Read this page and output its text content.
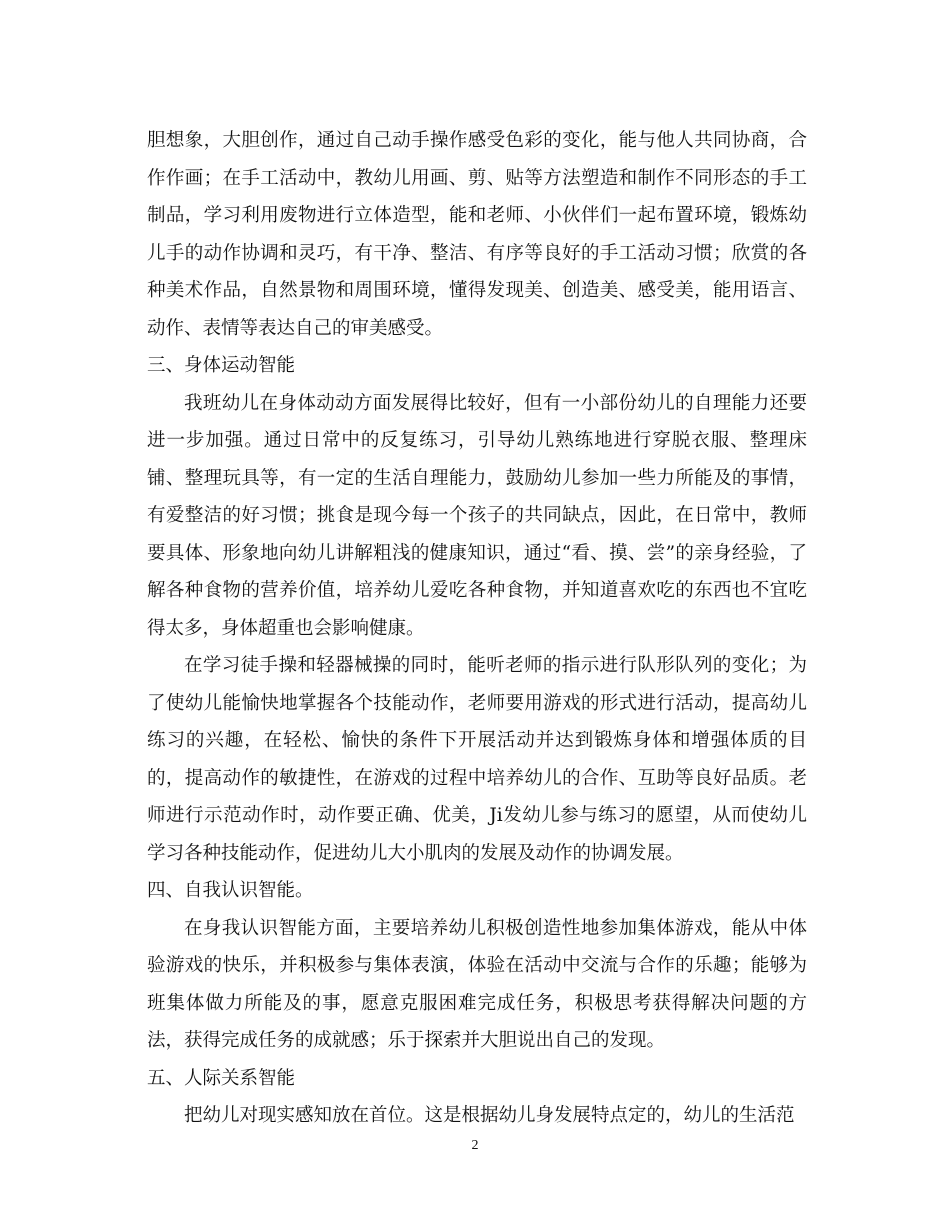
胆想象，大胆创作，通过自己动手操作感受色彩的变化，能与他人共同协商，合作作画；在手工活动中，教幼儿用画、剪、贴等方法塑造和制作不同形态的手工制品，学习利用废物进行立体造型，能和老师、小伙伴们一起布置环境，锻炼幼儿手的动作协调和灵巧，有干净、整洁、有序等良好的手工活动习惯；欣赏的各种美术作品，自然景物和周围环境，懂得发现美、创造美、感受美，能用语言、动作、表情等表达自己的审美感受。

三、身体运动智能

我班幼儿在身体动动方面发展得比较好，但有一小部份幼儿的自理能力还要进一步加强。通过日常中的反复练习，引导幼儿熟练地进行穿脱衣服、整理床铺、整理玩具等，有一定的生活自理能力，鼓励幼儿参加一些力所能及的事情，有爱整洁的好习惯；挑食是现今每一个孩子的共同缺点，因此，在日常中，教师要具体、形象地向幼儿讲解粗浅的健康知识，通过“看、摸、尝”的亲身经验，了解各种食物的营养价值，培养幼儿爱吃各种食物，并知道喜欢吃的东西也不宜吃得太多，身体超重也会影响健康。

在学习徒手操和轻器械操的同时，能听老师的指示进行队形队列的变化；为了使幼儿能愉快地掌握各个技能动作，老师要用游戏的形式进行活动，提高幼儿练习的兴趣，在轻松、愉快的条件下开展活动并达到锻炼身体和增强体质的目的，提高动作的敏捷性，在游戏的过程中培养幼儿的合作、互助等良好品质。老师进行示范动作时，动作要正确、优美，Ji发幼儿参与练习的愿望，从而使幼儿学习各种技能动作，促进幼儿大小肌肉的发展及动作的协调发展。

四、自我认识智能。

在身我认识智能方面，主要培养幼儿积极创造性地参加集体游戏，能从中体验游戏的快乐，并积极参与集体表演，体验在活动中交流与合作的乐趣；能够为班集体做力所能及的事，愿意克服困难完成任务，积极思考获得解决问题的方法，获得完成任务的成就感；乐于探索并大胆说出自己的发现。

五、人际关系智能

把幼儿对现实感知放在首位。这是根据幼儿身发展特点定的，幼儿的生活范

2
